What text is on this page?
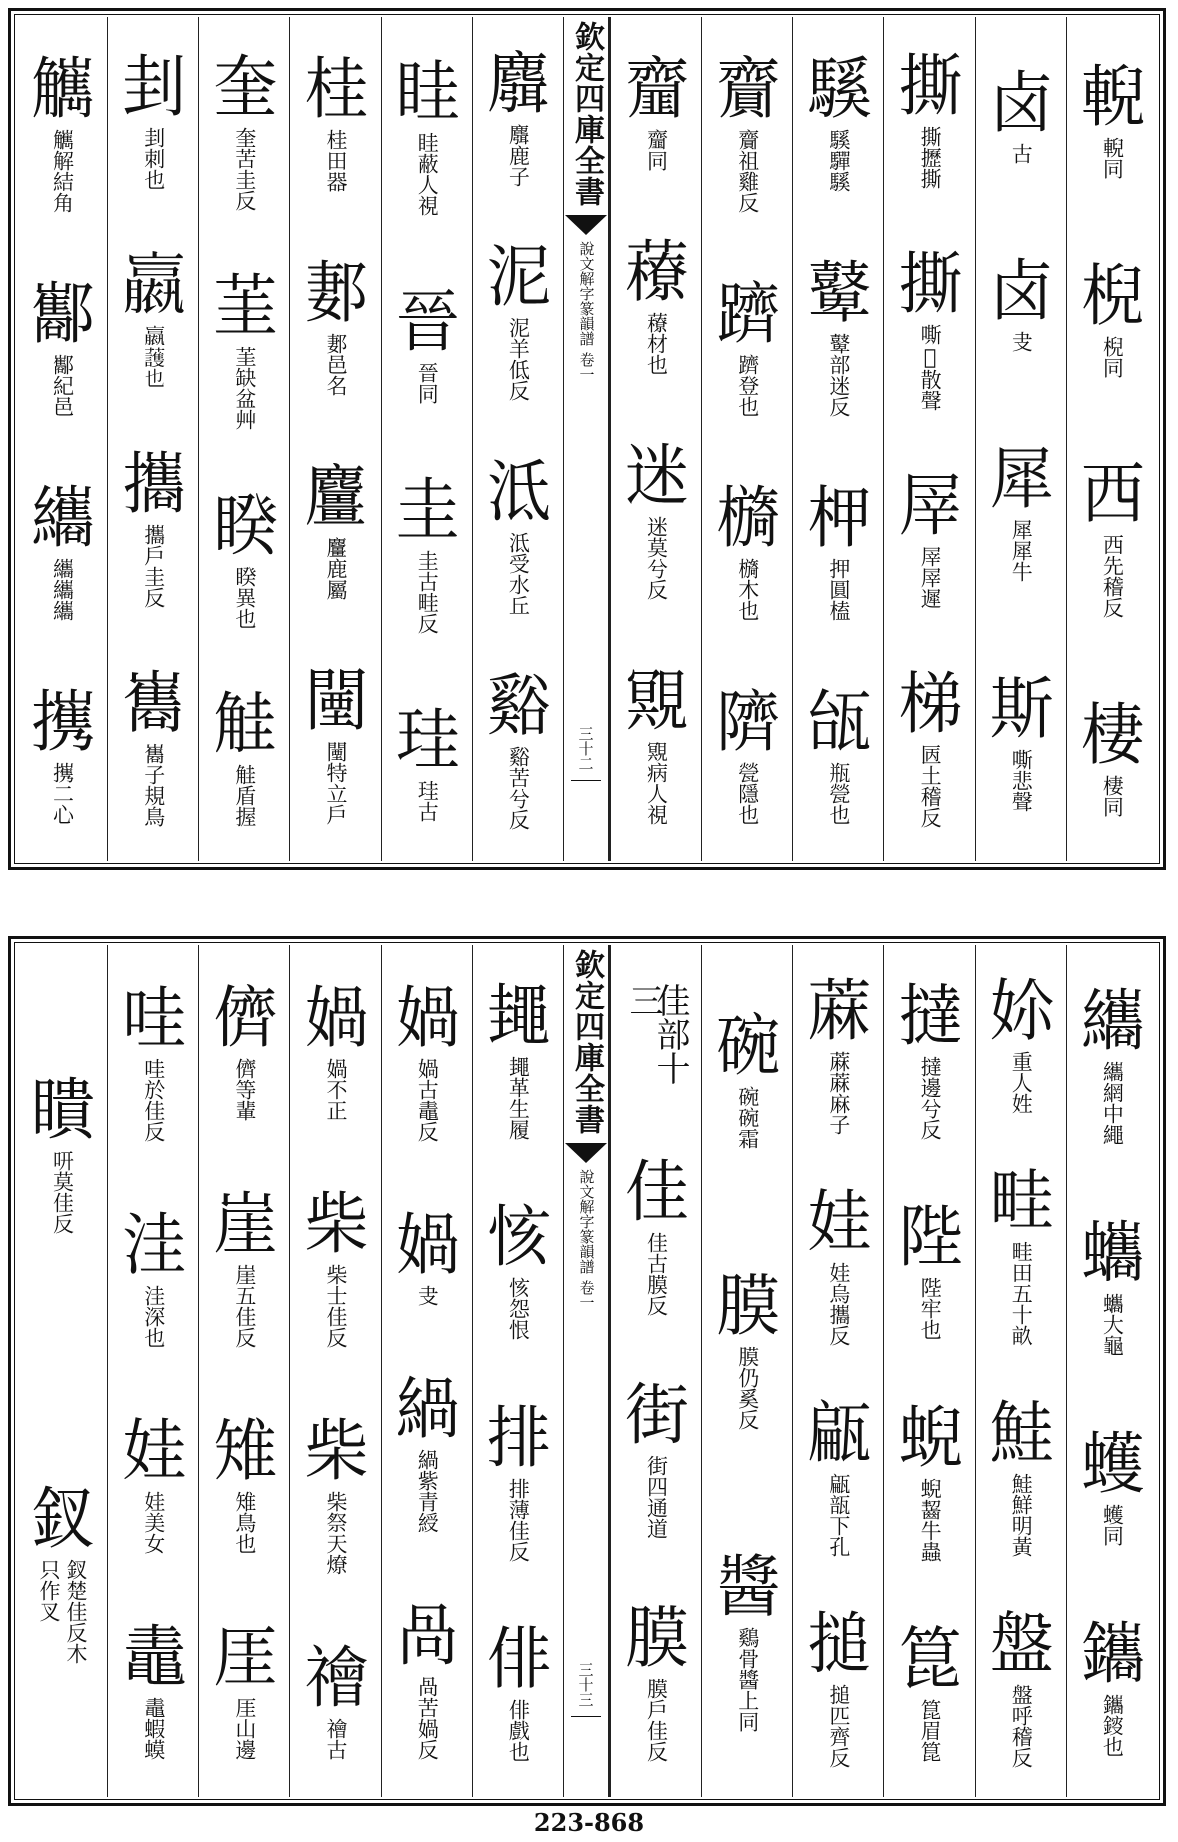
輗
輗同
棿
棿同
西
西先稽反
棲
棲同
卤
古
卤
叏
犀
犀犀牛
斯
嘶悲聲
撕
撕攊撕
撕
嘶𤻬散聲
屖
屖屖遲
梯
㔷土稽反
騱
騱驒騱
鼙
鼙部迷反
柙
押圓榼
瓵
瓶甇也
齎
齎祖雞反
躋
躋登也
檹
檹木也
隮
甇隱也
齏
齏同
䕩
䕩材也
迷
迷莫兮反
覭
覭病人視
欽定四庫全書
說文解字篆韻譜
卷一
三十二
麛
麛鹿子
泥
泥羊低反
泜
泜受水丘
谿
谿苦兮反
眭
眭蔽人視
晉
晉同
圭
圭古畦反
珪
珪古
桂
桂田器
郪
郪邑名
麠
麠鹿屬
闉
闉特立戶
奎
奎苦圭反
茥
茥缺盆艸
睽
睽異也
觟
觟盾握
刲
刲刺也
𧝹
𧝹䕶也
攜
攜戶圭反
巂
巂子規鳥
觽
觽解結角
酅
酅紀邑
纗
纗纗纗
㩗
㩗二心
纗
纗網中繩
蠵
蠵大龜
蠖
蠖同
鑴
鑴䤹也
㚷
重人姓
畦
畦田五十畝
鮭
鮭鮮明黃
盤
盤呼稽反
撻
撻邊兮反
陛
陛牢也
蜺
蜺齧牛蟲
箟
箟眉箟
蔴
蔴蔴麻子
娃
娃烏攜反
甂
甂瓿下孔
搥
搥匹齊反
碗
碗碗霜
膜
膜仍奚反
醬
鷄骨醬上同
佳部十三
佳
佳古膜反
街
街四通道
膜
膜戶佳反
欽定四庫全書
說文解字篆韻譜
卷一
三十三
䵷
䵷革生履
㤥
㤥怨恨
排
排薄佳反
俳
俳戲也
媧
媧古鼃反
媧
叏
緺
緺紫青綬
咼
咼苦媧反
媧
媧不正
柴
柴士佳反
柴
柴祭天燎
禬
禬古
儕
儕等輩
崖
崖五佳反
雉
雉鳥也
厓
厓山邊
哇
哇於佳反
洼
洼深也
娃
娃美女
鼃
鼃蝦蟆
瞶
咞莫佳反
釵
釵楚佳反木只作叉
223-868
